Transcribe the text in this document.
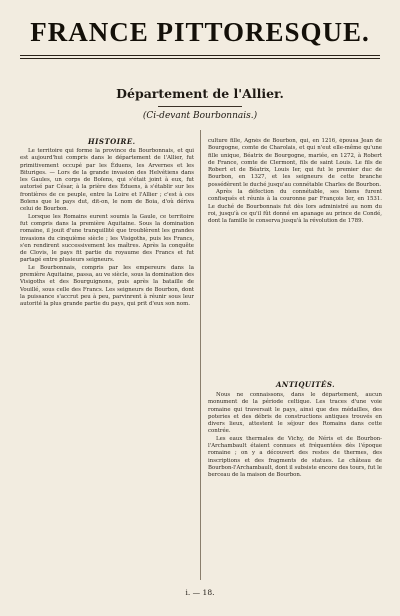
FRANCE PITTORESQUE.
Département de l'Allier.
(Ci-devant Bourbonnais.)
HISTOIRE.

Le territoire qui forme la province du Bourbonnais, et qui est aujourd'hui compris dans le département de l'Allier, fut primitivement occupé par les Éduens, les Arvernes et les Bituriges. — Lors de la grande invasion des Helvétiens dans les Gaules, un corps de Boïens, qui s'était joint à eux, fut autorisé par César, à la prière des Éduens, à s'établir sur les frontières de ce peuple, entre la Loire et l'Allier ; c'est à ces Boïens que le pays dut, dit-on, le nom de Boia, d'où dériva celui de Bourbon.

Lorsque les Romains eurent soumis la Gaule, ce territoire fut compris dans la première Aquitaine. Sous la domination romaine, il jouit d'une tranquillité que troublèrent les grandes invasions du cinquième siècle ; les Visigoths, puis les Francs, s'en rendirent successivement les maîtres. Après la conquête de Clovis, le pays fit partie du royaume des Francs et fut partagé entre plusieurs seigneurs.

Le Bourbonnais, compris par les empereurs dans la première Aquitaine, passa, au ve siècle, sous la domination des Visigoths et des Bourguignons, puis après la bataille de Vouillé, sous celle des Francs. Les seigneurs de Bourbon, dont la puissance s'accrut peu à peu, parvinrent à réunir sous leur autorité la plus grande partie du pays, qui prit d'eux son nom.

culture fille, Agnès de Bourbon, qui, en 1216, épousa Jean de Bourgogne, comte de Charolais, et qui n'eut elle-même qu'une fille unique, Béatrix de Bourgogne, mariée, en 1272, à Robert de France, comte de Clermont, fils de saint Louis. Le fils de Robert et de Béatrix, Louis Ier, qui fut le premier duc de Bourbon, en 1327, et les seigneurs de cette branche possédèrent le duché jusqu'au connétable Charles de Bourbon.

Après la défection du connétable, ses biens furent confisqués et réunis à la couronne par François Ier, en 1531. Le duché de Bourbonnais fut dès lors administré au nom du roi, jusqu'à ce qu'il fût donné en apanage au prince de Condé, dont la famille le conserva jusqu'à la révolution de 1789.

ANTIQUITÉS.

Nous ne connaissons, dans le département, aucun monument de la période celtique. Les traces d'une voie romaine qui traversait le pays, ainsi que des médailles, des poteries et des débris de constructions antiques trouvés en divers lieux, attestent le séjour des Romains dans cette contrée.

Les eaux thermales de Vichy, de Néris et de Bourbon-l'Archambault étaient connues et fréquentées dès l'époque romaine ; on y a découvert des restes de thermes, des inscriptions et des fragments de statues. Le château de Bourbon-l'Archambault, dont il subsiste encore des tours, fut le berceau de la maison de Bourbon.

i. — 18.
